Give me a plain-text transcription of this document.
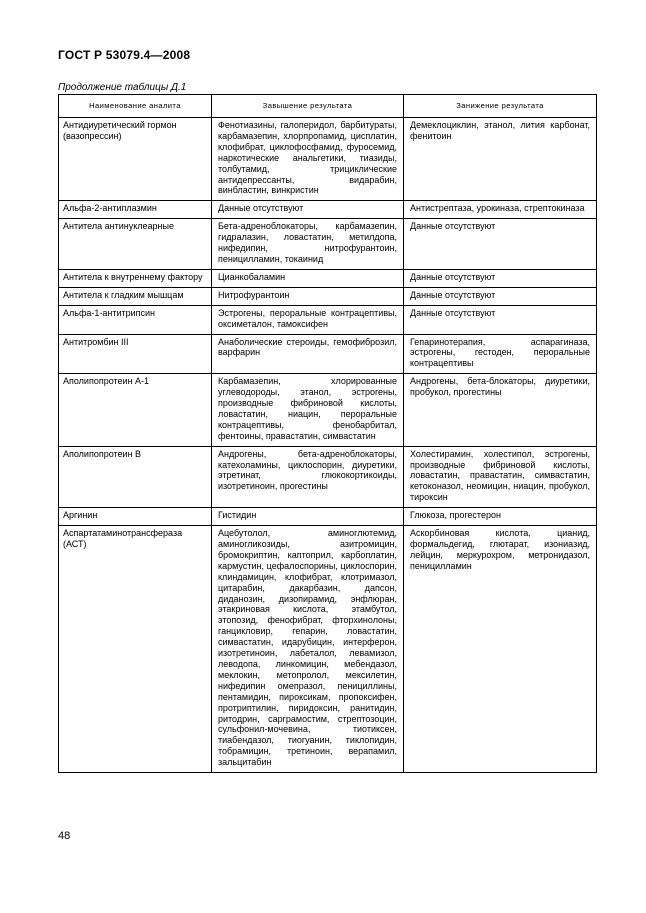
ГОСТ Р 53079.4—2008
Продолжение таблицы Д.1
Наименование аналита	Завышение результата	Занижение результата
Антидиуретический гормон (вазопрессин)	Фенотиазины, галоперидол, барбитураты, карбамазепин, хлорпропамид, цисплатин, клофибрат, циклофосфамид, фуросемид, наркотические анальгетики, тиазиды, толбутамид, трициклические антидепрессанты, видарабин, винбластин, винкристин	Демеклоциклин, этанол, лития карбонат, фенитоин
Альфа-2-антиплазмин	Данные отсутствуют	Антистрептаза, урокиназа, стрептокиназа
Антитела антинуклеарные	Бета-адреноблокаторы, карбамазепин, гидралазин, ловастатин, метилдопа, нифедипин, нитрофурантоин, пеницилламин, токаинид	Данные отсутствуют
Антитела к внутреннему фактору	Цианкобаламин	Данные отсутствуют
Антитела к гладким мышцам	Нитрофурантоин	Данные отсутствуют
Альфа-1-антитрипсин	Эстрогены, пероральные контрацептивы, оксиметалон, тамоксифен	Данные отсутствуют
Антитромбин III	Анаболические стероиды, гемофиброзил, варфарин	Гепаринотерапия, аспарагиназа, эстрогены, гестоден, пероральные контрацептивы
Аполипопротеин А-1	Карбамазепин, хлорированные углеводороды, этанол, эстрогены, производные фибриновой кислоты, ловастатин, ниацин, пероральные контрацептивы, фенобарбитал, фентоины, правастатин, симвастатин	Андрогены, бета-блокаторы, диуретики, пробукол, прогестины
Аполипопротеин В	Андрогены, бета-адреноблокаторы, катехоламины, циклоспорин, диуретики, этретинат, глюкокортикоиды, изотретиноин, прогестины	Холестирамин, холестипол, эстрогены, производные фибриновой кислоты, ловастатин, правастатин, симвастатин, кетоконазол, неомицин, ниацин, пробукол, тироксин
Аргинин	Гистидин	Глюкоза, прогестерон
Аспартатаминотрансфераза (АСТ)	Ацебутолол, аминоглютемид, аминогликозиды, азитромицин, бромокриптин, каптоприл, карбоплатин, кармустин, цефалоспорины, циклоспорин, клиндамицин, клофибрат, клотримазол, цитарабин, дакарбазин, дапсон, диданозин, дизопирамид, энфлюран, этакриновая кислота, этамбутол, этопозид, фенофибрат, фторхинолоны, ганцикловир, гепарин, ловастатин, симвастатин, идарубицин, интерферон, изотретиноин, лабеталол, левамизол, леводопа, линкомицин, мебендазол, меклокин, метопролол, мексилетин, нифедипин омепразол, пенициллины, пентамидин, пироксикам, пропоксифен, протриптилин, пиридоксин, ранитидин, ритодрин, сарграмостим, стрептозоцин, сульфонил-мочевина, тиотиксен, тиабендазол, тиогуанин, тиклопидин, тобрамицин, третиноин, верапамил, зальцитабин	Аскорбиновая кислота, цианид, формальдегид, глютарат, изониазид, лейцин, меркурохром, метронидазол, пеницилламин
48
